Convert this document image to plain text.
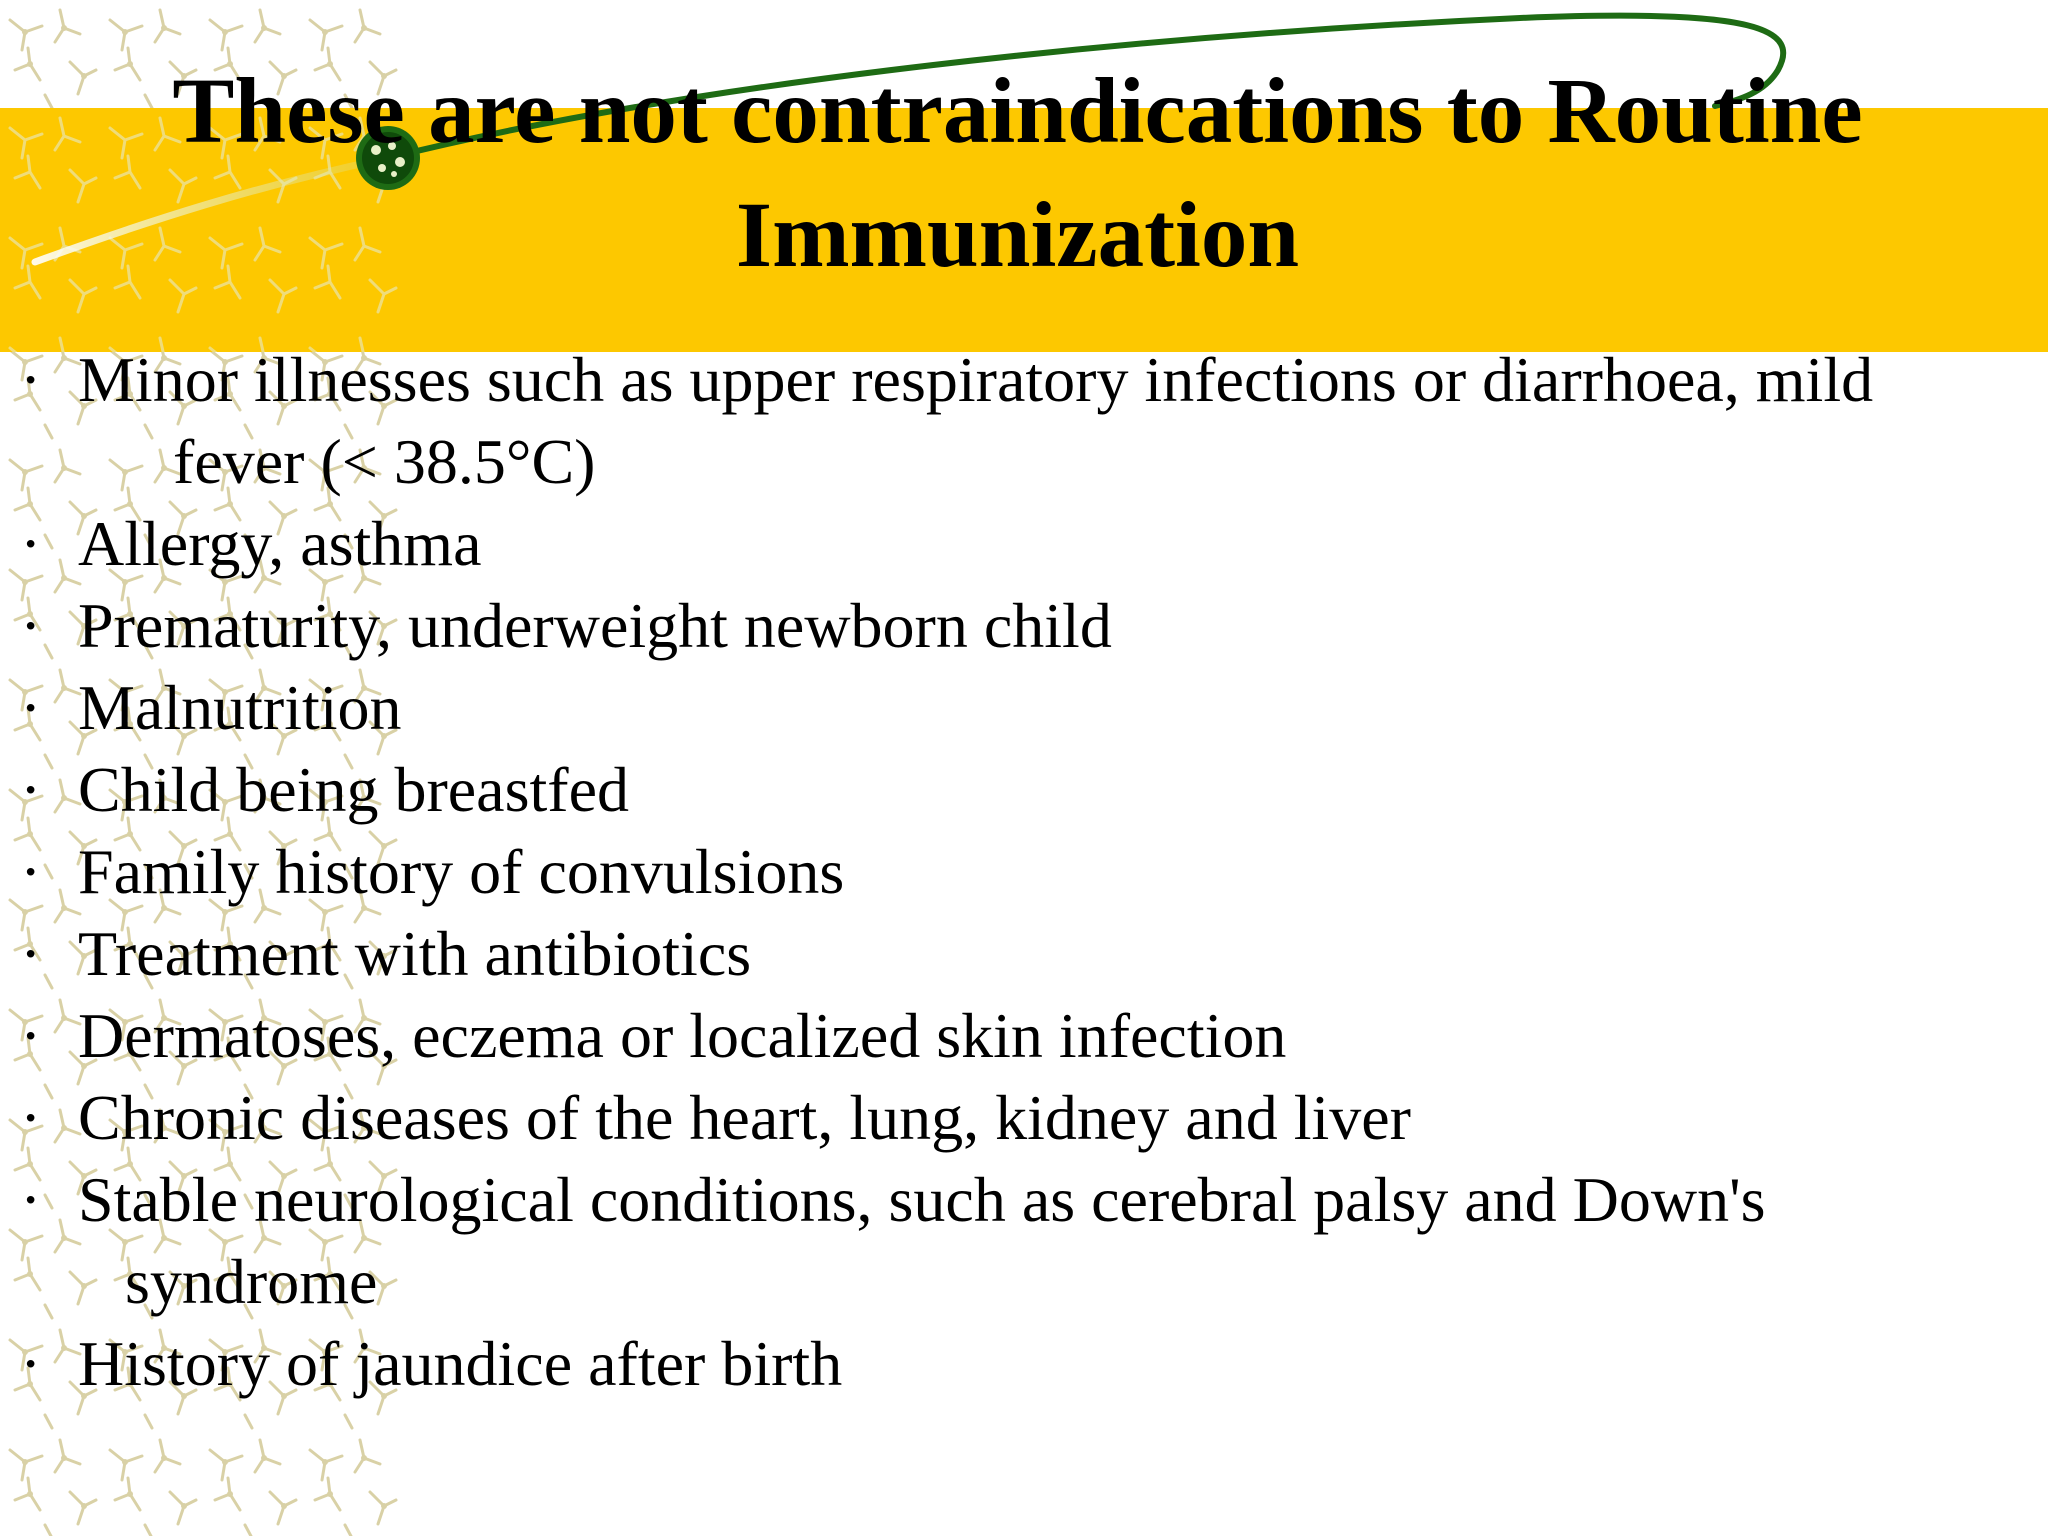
These are not contraindications to Routine
Immunization
· Minor illnesses such as upper respiratory infections or diarrhoea, mild
fever (< 38.5°C)
· Allergy, asthma
· Prematurity, underweight newborn child
· Malnutrition
· Child being breastfed
· Family history of convulsions
· Treatment with antibiotics
· Dermatoses, eczema or localized skin infection
· Chronic diseases of the heart, lung, kidney and liver
· Stable neurological conditions, such as cerebral palsy and Down's
syndrome
· History of jaundice after birth
